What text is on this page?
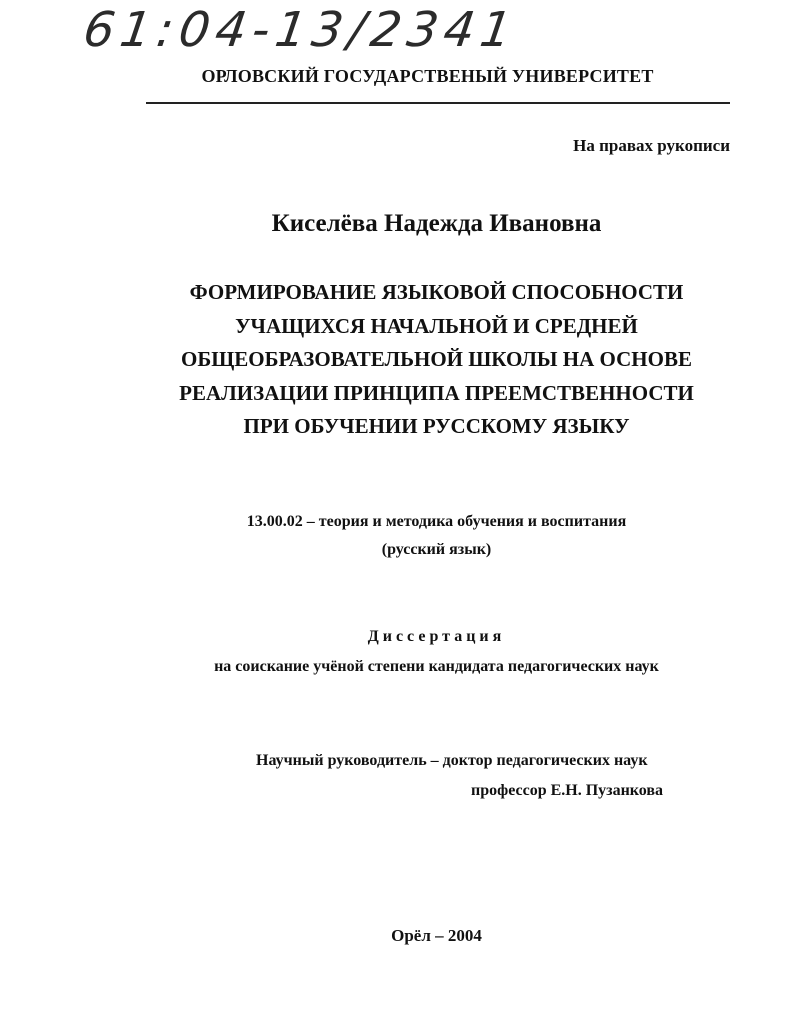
61:04-13/2341
ОРЛОВСКИЙ ГОСУДАРСТВЕНЫЙ УНИВЕРСИТЕТ
На правах рукописи
Киселёва Надежда Ивановна
ФОРМИРОВАНИЕ ЯЗЫКОВОЙ СПОСОБНОСТИ
УЧАЩИХСЯ НАЧАЛЬНОЙ И СРЕДНЕЙ
ОБЩЕОБРАЗОВАТЕЛЬНОЙ ШКОЛЫ НА ОСНОВЕ
РЕАЛИЗАЦИИ ПРИНЦИПА ПРЕЕМСТВЕННОСТИ
ПРИ ОБУЧЕНИИ РУССКОМУ ЯЗЫКУ
13.00.02 – теория и методика обучения и воспитания
(русский язык)
Диссертация
на соискание учёной степени кандидата педагогических наук
Научный руководитель – доктор педагогических наук
профессор Е.Н. Пузанкова
Орёл – 2004
